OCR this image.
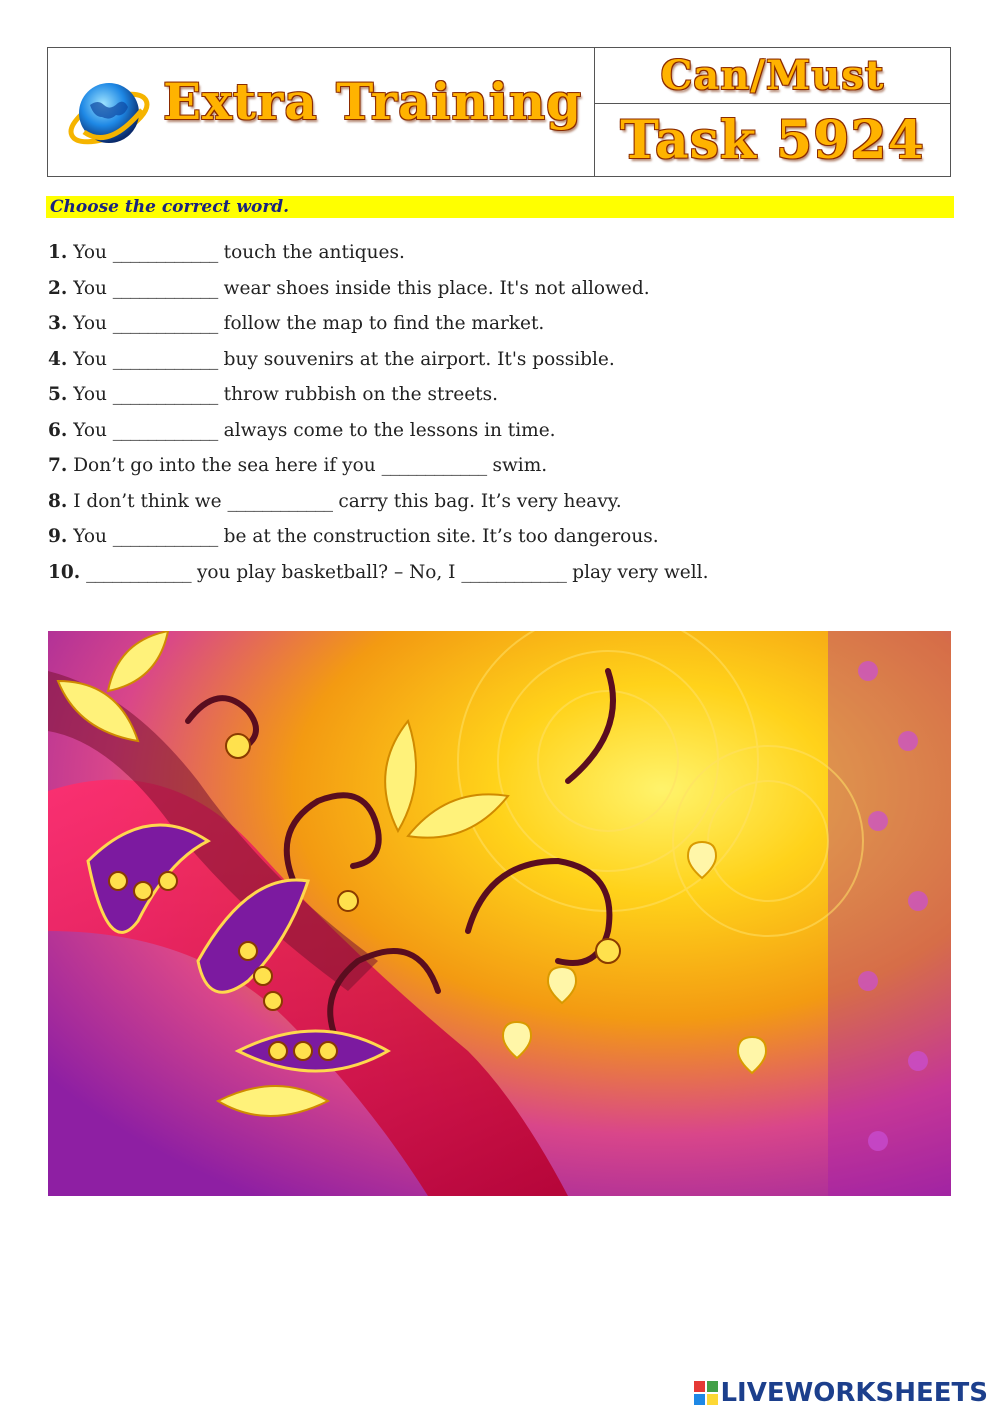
Extra Training Can/Must
Task 5924
Choose the correct word.
1. You ____________ touch the antiques.
2. You ____________ wear shoes inside this place. It's not allowed.
3. You ____________ follow the map to find the market.
4. You ____________ buy souvenirs at the airport. It's possible.
5. You ____________ throw rubbish on the streets.
6. You ____________ always come to the lessons in time.
7. Don’t go into the sea here if you ____________ swim.
8. I don’t think we ____________ carry this bag. It’s very heavy.
9. You ____________ be at the construction site. It’s too dangerous.
10. ____________ you play basketball? – No, I ____________ play very well.
LIVEWORKSHEETS
